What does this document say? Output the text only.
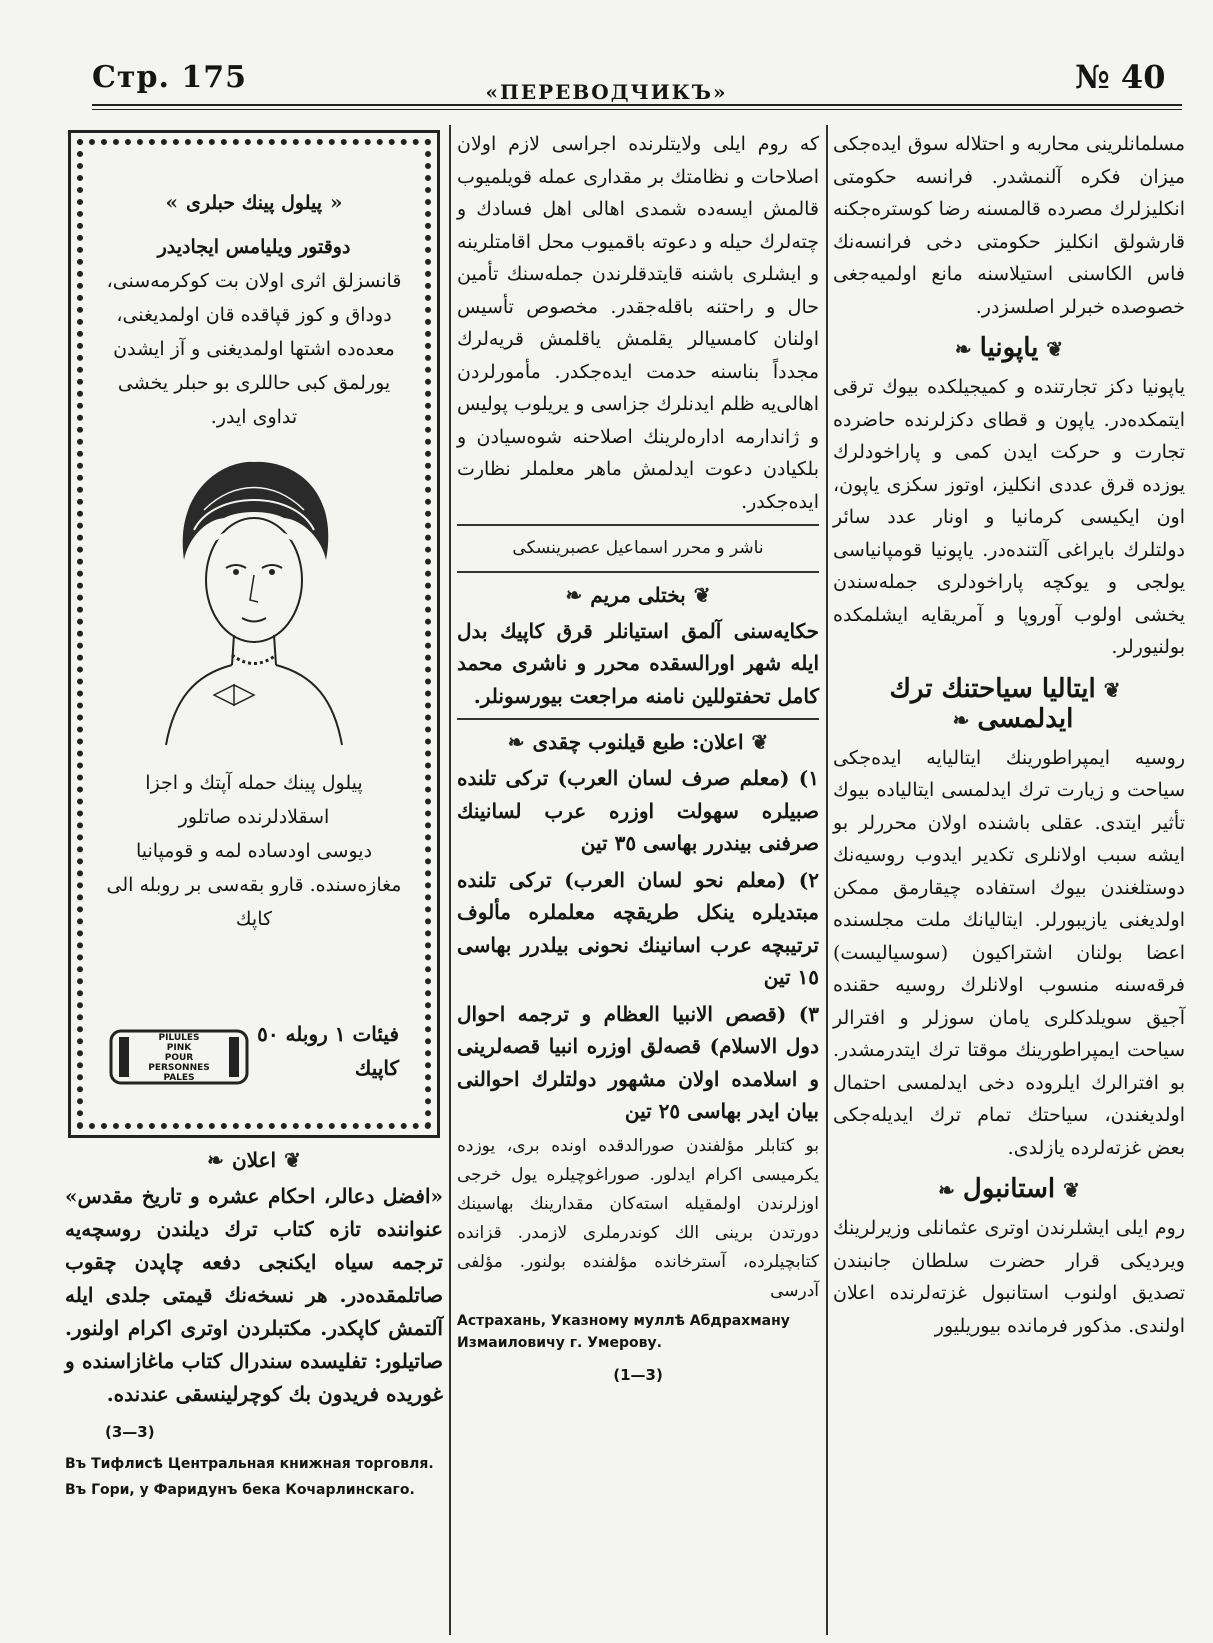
Стр. 175	«ПЕРЕВОДЧИКЪ»	№ 40

مسلمانلرینی محاربه و احتلاله سوق ایده‌جکی میزان فکره آلنمشدر. فرانسه حکومتی انکلیزلرك مصرده قالمسنه رضا کوستره‌جکنه قارشولق انکلیز حکومتی دخی فرانسه‌نك فاس الکاسنی استیلاسنه مانع اولمیه‌جغی خصوصده خبرلر اصلسزدر.

❦یاپونیا❧

یاپونیا دکز تجارتنده و کمیجیلکده بیوك ترقی ایتمکده‌در. یاپون و قطای دکزلرنده حاضرده تجارت و حرکت ایدن کمی و پاراخودلرك یوزده قرق عددی انکلیز، اوتوز سکزی یاپون، اون ایکیسی کرمانیا و اونار عدد سائر دولتلرك بایراغی آلتنده‌در. یاپونیا قومپانیاسی یولجی و یوکچه پاراخودلری جمله‌سندن یخشی اولوب آوروپا و آمریقایه ایشلمکده بولنیورلر.

❦ایتالیا سیاحتنك ترك ایدلمسی❧

روسیه ایمپراطورینك ایتالیایه ایده‌جکی سیاحت و زیارت ترك ایدلمسی ایتالیاده بیوك تأثیر ایتدی. عقلی باشنده اولان محررلر بو ایشه سبب اولانلری تکدیر ایدوب روسیه‌نك دوستلغندن بیوك استفاده چیقارمق ممکن اولدیغنی یازیبورلر. ایتالیانك ملت مجلسنده اعضا بولنان اشتراکیون (سوسیالیست) فرقه‌سنه منسوب اولانلرك روسیه حقنده آجیق سویلدکلری یامان سوزلر و افترالر سیاحت ایمپراطورینك موقتا ترك ایتدرمشدر. بو افترالرك ایلروده دخی ایدلمسی احتمال اولدیغندن، سیاحتك تمام ترك ایدیله‌جکی بعض غزته‌لرده یازلدی.

❦استانبول❧

روم ایلی ایشلرندن اوتری عثمانلی وزیرلرینك ویردیکی قرار حضرت سلطان جانبندن تصدیق اولنوب استانبول غزته‌لرنده اعلان اولندی. مذکور فرمانده بیوریلیور

که روم ایلی ولایتلرنده اجراسی لازم اولان اصلاحات و نظامتك بر مقداری عمله قویلمیوب قالمش ایسه‌ده شمدی اهالی اهل فسادك و چته‌لرك حیله و دعوته باقمیوب محل اقامتلرینه و ایشلری باشنه قایتدقلرندن جمله‌سنك تأمین حال و راحتنه باقله‌جقدر. مخصوص تأسیس اولنان کامسیالر یقلمش یاقلمش قریه‌لرك مجدداً بناسنه حدمت ایده‌جکدر. مأمورلردن اهالی‌یه ظلم ایدنلرك جزاسی و یریلوب پولیس و ژاندارمه اداره‌لرینك اصلاحنه شوه‌سیادن و بلکیادن دعوت ایدلمش ماهر معلملر نظارت ایده‌جکدر.

ناشر و محرر اسماعیل عصبرینسکی

❦بختلی مریم❧

حکایه‌سنی آلمق استیانلر قرق کاپیك بدل ایله شهر اورالسقده محرر و ناشری محمد کامل تحفتوللین نامنه مراجعت بیورسونلر.

❦اعلان: طبع قیلنوب چقدی❧

١) (معلم صرف لسان العرب) ترکی تلنده صبیلره سهولت اوزره عرب لسانینك صرفنی بیندرر بهاسی ٣٥ تین

٢) (معلم نحو لسان العرب) ترکی تلنده مبتدیلره ینکل طریقچه معلملره مألوف ترتیبچه عرب اسانینك نحونی بیلدرر بهاسی ١٥ تین

٣) (قصص الانبیا العظام و ترجمه احوال دول الاسلام) قصه‌لق اوزره انبیا قصه‌لرینی و اسلامده اولان مشهور دولتلرك احوالنی بیان ایدر بهاسی ٢٥ تین

بو کتابلر مؤلفندن صورالدقده اونده بری، یوزده یکرمیسی اکرام ایدلور. صوراغوچیلره یول خرجی اوزلرندن اولمقیله استه‌کان مقدارینك بهاسینك دورتدن برینی الك کوندرملری لازمدر. قزانده کتابچیلرده، آسترخانده مؤلفنده بولنور. مؤلفی آدرسی

Астрахань, Указному муллѣ Абдрахману Измаиловичу г. Умерову.

(3—1)

«پیلول پینك حبلری»

دوقتور ویلیامس ایجادیدر

قانسزلق اثری اولان بت کوکرمه‌سنی، دوداق و کوز قپاقده قان اولمدیغنی، معده‌ده اشتها اولمدیغنی و آز ایشدن یورلمق کبی حاللری بو حبلر یخشی تداوی ایدر.

پیلول پینك حمله آپتك و اجزا اسقلادلرنده صاتلور

دیوسی اودساده لمه و قومپانیا مغازه‌سنده. قارو بقه‌سی بر روبله الی کاپك

PILULES
PINK
POUR
PERSONNES
PALES
فیئات ١ روبله ٥٠ کاپیك
❦اعلان❧

«افضل دعالر، احکام عشره و تاریخ مقدس» عنواننده تازه کتاب ترك دیلندن روسچه‌یه ترجمه سیاه ایکنجی دفعه چاپدن چقوب صاتلمقده‌در. هر نسخه‌نك قیمتی جلدی ایله آلتمش کاپکدر. مکتبلردن اوتری اکرام اولنور. صاتیلور: تفلیسده سندرال کتاب ماغازاسنده و غوریده فریدون بك کوچرلینسقی عندنده.

(3—3)

Въ Тифлисѣ Центральная книжная торговля.

Въ Гори, у Фаридунъ бека Кочарлинскаго.
